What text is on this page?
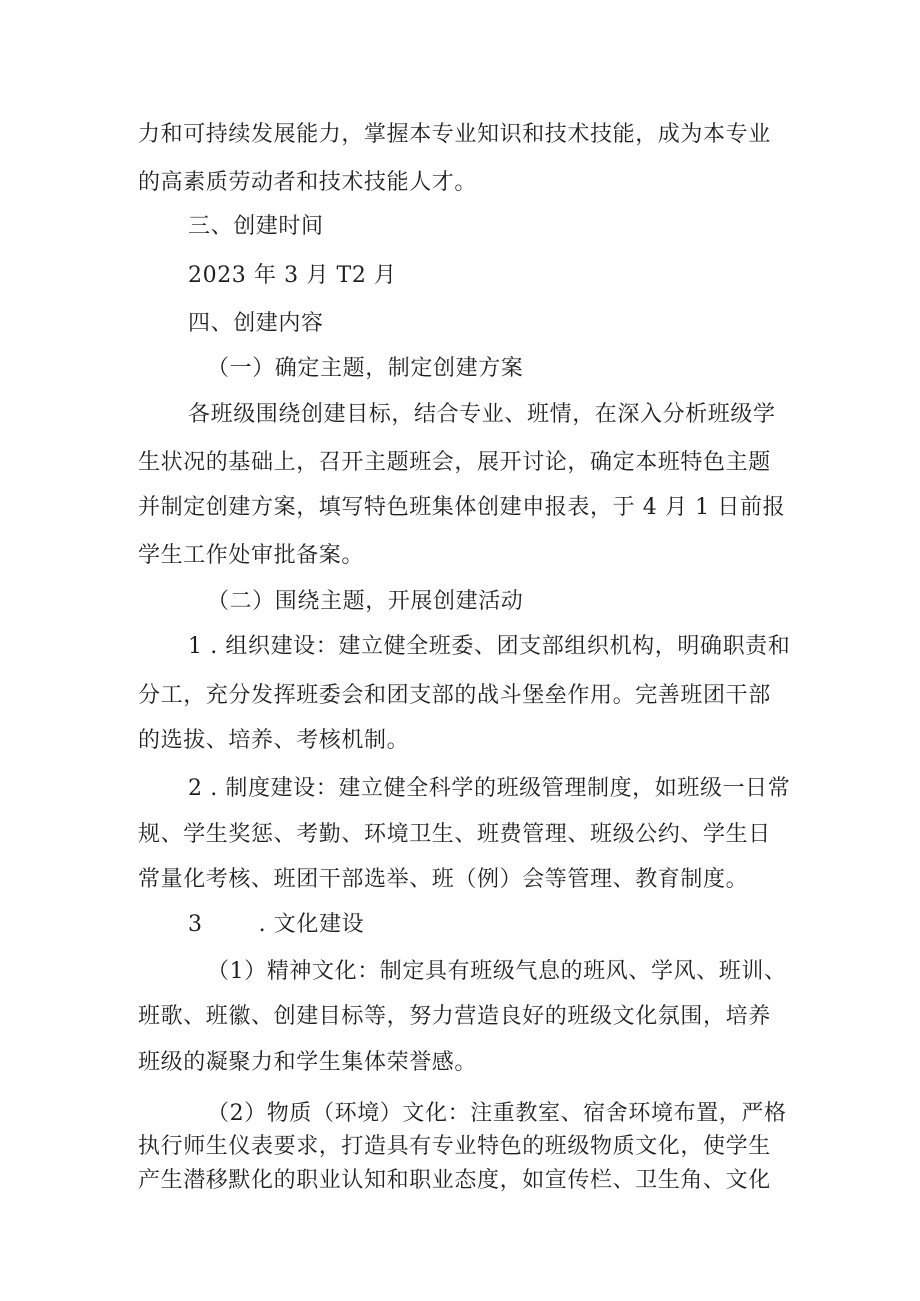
力和可持续发展能力，掌握本专业知识和技术技能，成为本专业
的高素质劳动者和技术技能人才。
三、创建时间
2023 年 3 月 T2 月
四、创建内容
（一）确定主题，制定创建方案
各班级围绕创建目标，结合专业、班情，在深入分析班级学
生状况的基础上，召开主题班会，展开讨论，确定本班特色主题
并制定创建方案，填写特色班集体创建申报表，于 4 月 1 日前报
学生工作处审批备案。
（二）围绕主题，开展创建活动
1 . 组织建设：建立健全班委、团支部组织机构，明确职责和
分工，充分发挥班委会和团支部的战斗堡垒作用。完善班团干部
的选拔、培养、考核机制。
2 . 制度建设：建立健全科学的班级管理制度，如班级一日常
规、学生奖惩、考勤、环境卫生、班费管理、班级公约、学生日
常量化考核、班团干部选举、班（例）会等管理、教育制度。
3	. 文化建设
（1）精神文化：制定具有班级气息的班风、学风、班训、
班歌、班徽、创建目标等，努力营造良好的班级文化氛围，培养
班级的凝聚力和学生集体荣誉感。
（2）物质（环境）文化：注重教室、宿舍环境布置，严格
执行师生仪表要求，打造具有专业特色的班级物质文化，使学生
产生潜移默化的职业认知和职业态度，如宣传栏、卫生角、文化
